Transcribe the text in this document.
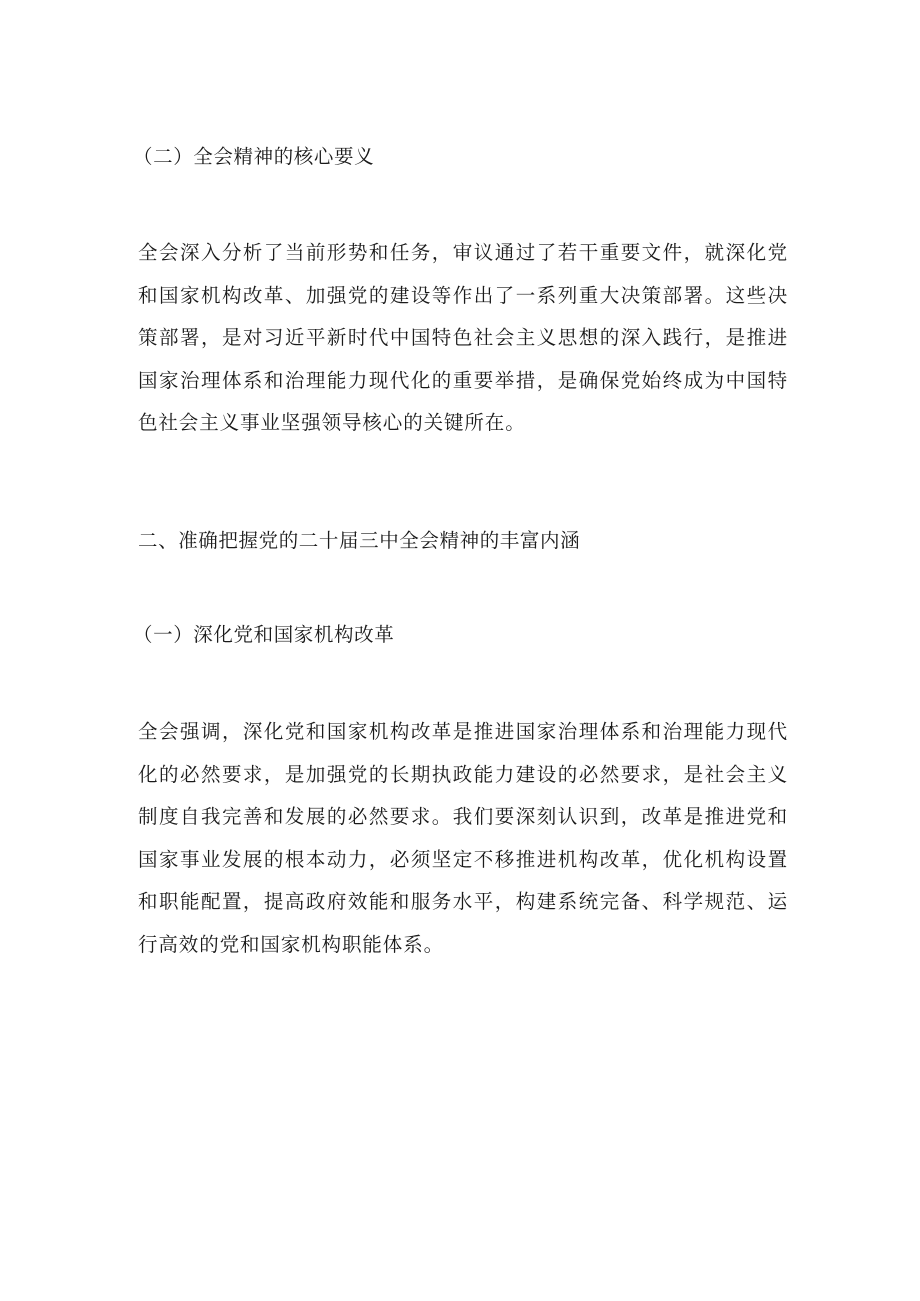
（二）全会精神的核心要义

全会深入分析了当前形势和任务，审议通过了若干重要文件，就深化党和国家机构改革、加强党的建设等作出了一系列重大决策部署。这些决策部署，是对习近平新时代中国特色社会主义思想的深入践行，是推进国家治理体系和治理能力现代化的重要举措，是确保党始终成为中国特色社会主义事业坚强领导核心的关键所在。

二、准确把握党的二十届三中全会精神的丰富内涵

（一）深化党和国家机构改革

全会强调，深化党和国家机构改革是推进国家治理体系和治理能力现代化的必然要求，是加强党的长期执政能力建设的必然要求，是社会主义制度自我完善和发展的必然要求。我们要深刻认识到，改革是推进党和国家事业发展的根本动力，必须坚定不移推进机构改革，优化机构设置和职能配置，提高政府效能和服务水平，构建系统完备、科学规范、运行高效的党和国家机构职能体系。
